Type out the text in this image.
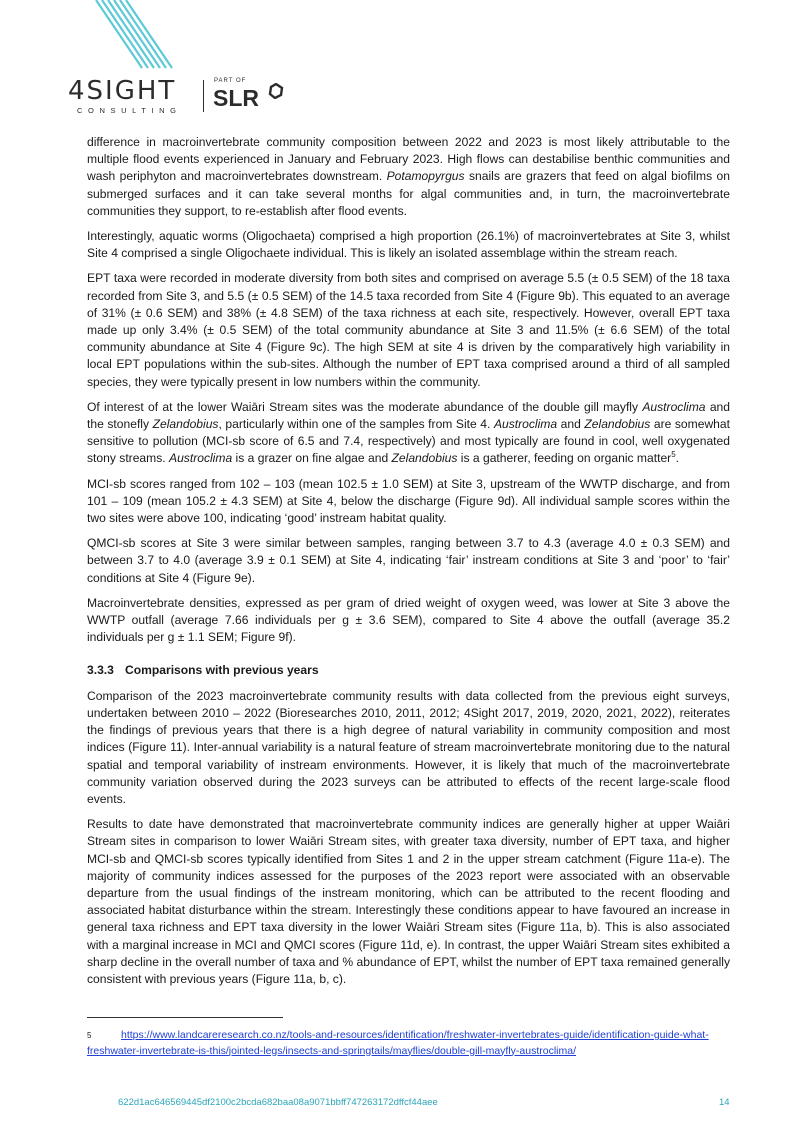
4SIGHT
CONSULTING
PART OF
SLR

difference in macroinvertebrate community composition between 2022 and 2023 is most likely attributable to the multiple flood events experienced in January and February 2023. High flows can destabilise benthic communities and wash periphyton and macroinvertebrates downstream. Potamopyrgus snails are grazers that feed on algal biofilms on submerged surfaces and it can take several months for algal communities and, in turn, the macroinvertebrate communities they support, to re-establish after flood events.

Interestingly, aquatic worms (Oligochaeta) comprised a high proportion (26.1%) of macroinvertebrates at Site 3, whilst Site 4 comprised a single Oligochaete individual. This is likely an isolated assemblage within the stream reach.

EPT taxa were recorded in moderate diversity from both sites and comprised on average 5.5 (± 0.5 SEM) of the 18 taxa recorded from Site 3, and 5.5 (± 0.5 SEM) of the 14.5 taxa recorded from Site 4 (Figure 9b). This equated to an average of 31% (± 0.6 SEM) and 38% (± 4.8 SEM) of the taxa richness at each site, respectively. However, overall EPT taxa made up only 3.4% (± 0.5 SEM) of the total community abundance at Site 3 and 11.5% (± 6.6 SEM) of the total community abundance at Site 4 (Figure 9c). The high SEM at site 4 is driven by the comparatively high variability in local EPT populations within the sub-sites. Although the number of EPT taxa comprised around a third of all sampled species, they were typically present in low numbers within the community.

Of interest of at the lower Waiāri Stream sites was the moderate abundance of the double gill mayfly Austroclima and the stonefly Zelandobius, particularly within one of the samples from Site 4. Austroclima and Zelandobius are somewhat sensitive to pollution (MCI-sb score of 6.5 and 7.4, respectively) and most typically are found in cool, well oxygenated stony streams. Austroclima is a grazer on fine algae and Zelandobius is a gatherer, feeding on organic matter$^5$.

MCI-sb scores ranged from 102 – 103 (mean 102.5 ± 1.0 SEM) at Site 3, upstream of the WWTP discharge, and from 101 – 109 (mean 105.2 ± 4.3 SEM) at Site 4, below the discharge (Figure 9d). All individual sample scores within the two sites were above 100, indicating ‘good’ instream habitat quality.

QMCI-sb scores at Site 3 were similar between samples, ranging between 3.7 to 4.3 (average 4.0 ± 0.3 SEM) and between 3.7 to 4.0 (average 3.9 ± 0.1 SEM) at Site 4, indicating ‘fair’ instream conditions at Site 3 and ‘poor’ to ‘fair’ conditions at Site 4 (Figure 9e).

Macroinvertebrate densities, expressed as per gram of dried weight of oxygen weed, was lower at Site 3 above the WWTP outfall (average 7.66 individuals per g ± 3.6 SEM), compared to Site 4 above the outfall (average 35.2 individuals per g ± 1.1 SEM; Figure 9f).

3.3.3 Comparisons with previous years

Comparison of the 2023 macroinvertebrate community results with data collected from the previous eight surveys, undertaken between 2010 – 2022 (Bioresearches 2010, 2011, 2012; 4Sight 2017, 2019, 2020, 2021, 2022), reiterates the findings of previous years that there is a high degree of natural variability in community composition and most indices (Figure 11). Inter-annual variability is a natural feature of stream macroinvertebrate monitoring due to the natural spatial and temporal variability of instream environments. However, it is likely that much of the macroinvertebrate community variation observed during the 2023 surveys can be attributed to effects of the recent large-scale flood events.

Results to date have demonstrated that macroinvertebrate community indices are generally higher at upper Waiāri Stream sites in comparison to lower Waiāri Stream sites, with greater taxa diversity, number of EPT taxa, and higher MCI-sb and QMCI-sb scores typically identified from Sites 1 and 2 in the upper stream catchment (Figure 11a-e). The majority of community indices assessed for the purposes of the 2023 report were associated with an observable departure from the usual findings of the instream monitoring, which can be attributed to the recent flooding and associated habitat disturbance within the stream. Interestingly these conditions appear to have favoured an increase in general taxa richness and EPT taxa diversity in the lower Waiāri Stream sites (Figure 11a, b). This is also associated with a marginal increase in MCI and QMCI scores (Figure 11d, e). In contrast, the upper Waiāri Stream sites exhibited a sharp decline in the overall number of taxa and % abundance of EPT, whilst the number of EPT taxa remained generally consistent with previous years (Figure 11a, b, c).

5	https://www.landcareresearch.co.nz/tools-and-resources/identification/freshwater-invertebrates-guide/identification-guide-what-
freshwater-invertebrate-is-this/jointed-legs/insects-and-springtails/mayflies/double-gill-mayfly-austroclima/
622d1ac646569445df2100c2bcda682baa08a9071bbff747263172dffcf44aee	14
